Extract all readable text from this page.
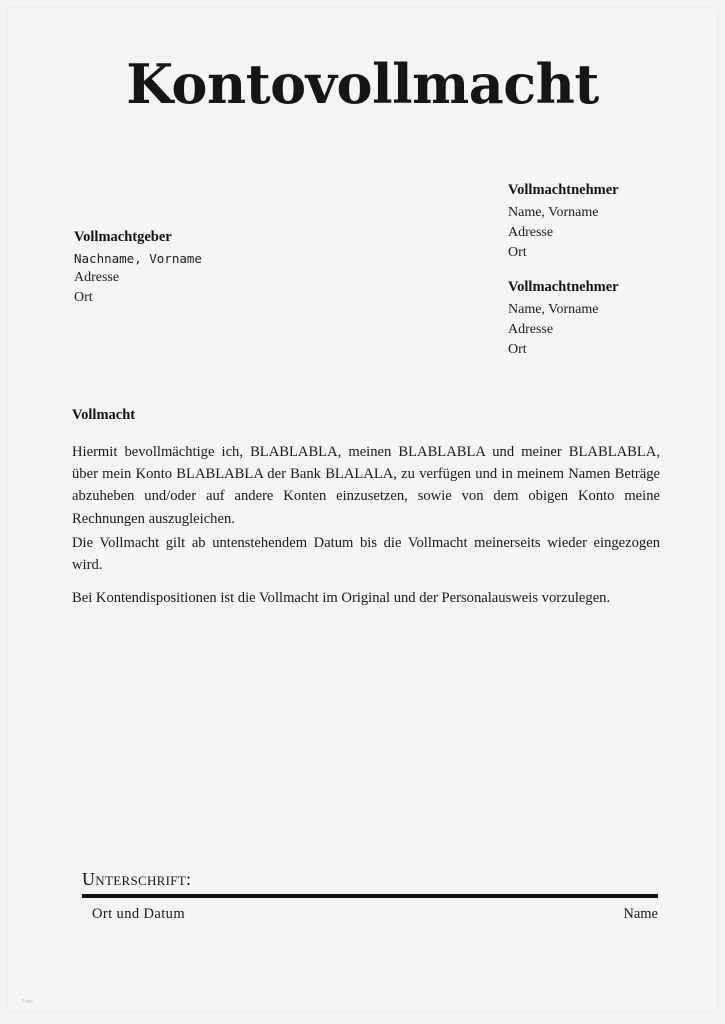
Kontovollmacht
Vollmachtnehmer
Name, Vorname
Adresse
Ort
Vollmachtnehmer
Name, Vorname
Adresse
Ort
Vollmachtgeber
Nachname, Vorname
Adresse
Ort
Vollmacht
Hiermit bevollmächtige ich, BLABLABLA, meinen BLABLABLA und meiner BLABLABLA, über mein Konto BLABLABLA der Bank BLALALA, zu verfügen und in meinem Namen Beträge abzuheben und/oder auf andere Konten einzusetzen, sowie von dem obigen Konto meine Rechnungen auszugleichen.
Die Vollmacht gilt ab untenstehendem Datum bis die Vollmacht meinerseits wieder eingezogen wird.
Bei Kontendispositionen ist die Vollmacht im Original und der Personalausweis vorzulegen.
Unterschrift:
Ort und Datum	Name
Foto
